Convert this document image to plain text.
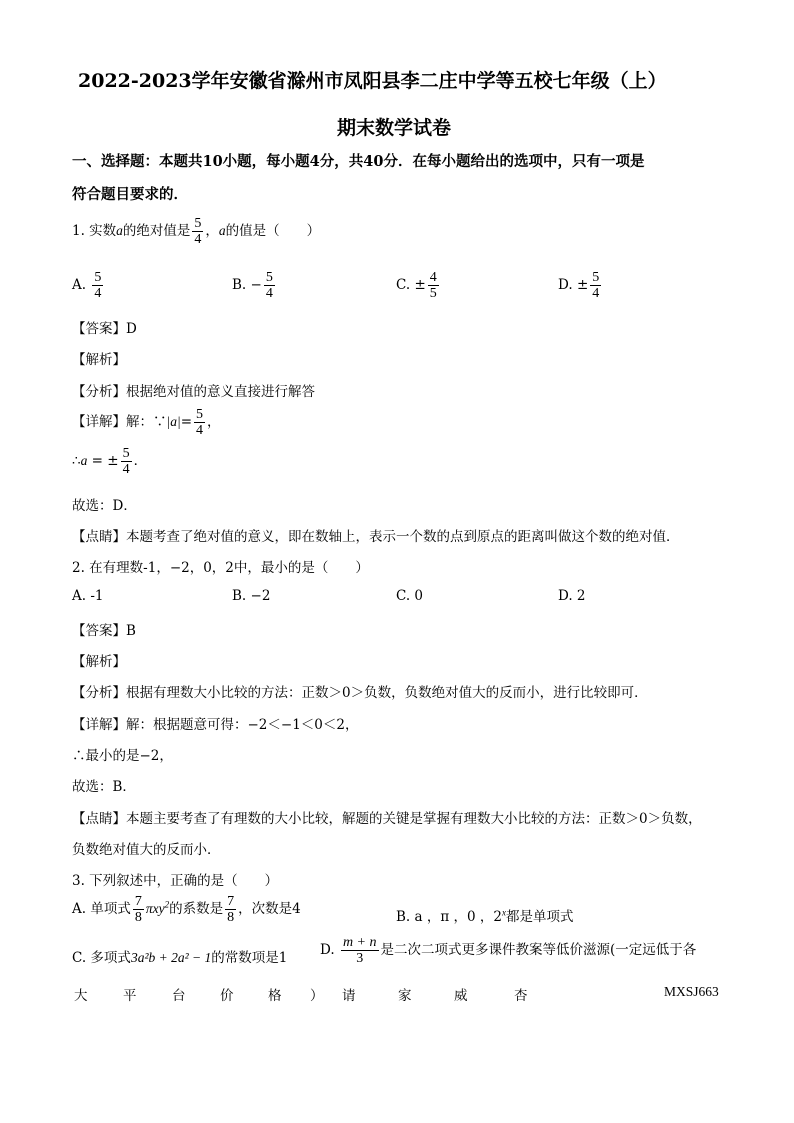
2022-2023学年安徽省滁州市凤阳县李二庄中学等五校七年级（上）
期末数学试卷
一、选择题：本题共10小题，每小题4分，共40分．在每小题给出的选项中，只有一项是
符合题目要求的．
1. 实数a的绝对值是 $\frac{5}{4}$ ，a的值是（　　）
A. $\frac{5}{4}$	B. − $\frac{5}{4}$	C. ± $\frac{4}{5}$	D. ± $\frac{5}{4}$
【答案】D
【解析】
【分析】根据绝对值的意义直接进行解答
【详解】解：∵|a|= $\frac{5}{4}$ ，
∴a = ± $\frac{5}{4}$ ．
故选：D．
【点睛】本题考查了绝对值的意义，即在数轴上，表示一个数的点到原点的距离叫做这个数的绝对值．
2. 在有理数-1，−2，0，2中，最小的是（　　）
A. -1	B. −2	C. 0	D. 2
【答案】B
【解析】
【分析】根据有理数大小比较的方法：正数＞0＞负数，负数绝对值大的反而小，进行比较即可．
【详解】解：根据题意可得：−2＜−1＜0＜2，
∴最小的是−2，
故选：B．
【点睛】本题主要考查了有理数的大小比较，解题的关键是掌握有理数大小比较的方法：正数＞0＞负数，
负数绝对值大的反而小．
3. 下列叙述中，正确的是（　　）
A. 单项式 $\frac{7}{8} \pi xy^2$的系数是 $\frac{7}{8}$ ，次数是4	B. a ，π ，0 ，2$^x$都是单项式
C. 多项式3a²b + 2a² − 1的常数项是1 D. $\frac{m + n}{3}$ 是二次二项式更多课件教案等低价滋源(一定远低于各
大	平	台	价	格 ） 请	家	威	杏	MXSJ663
